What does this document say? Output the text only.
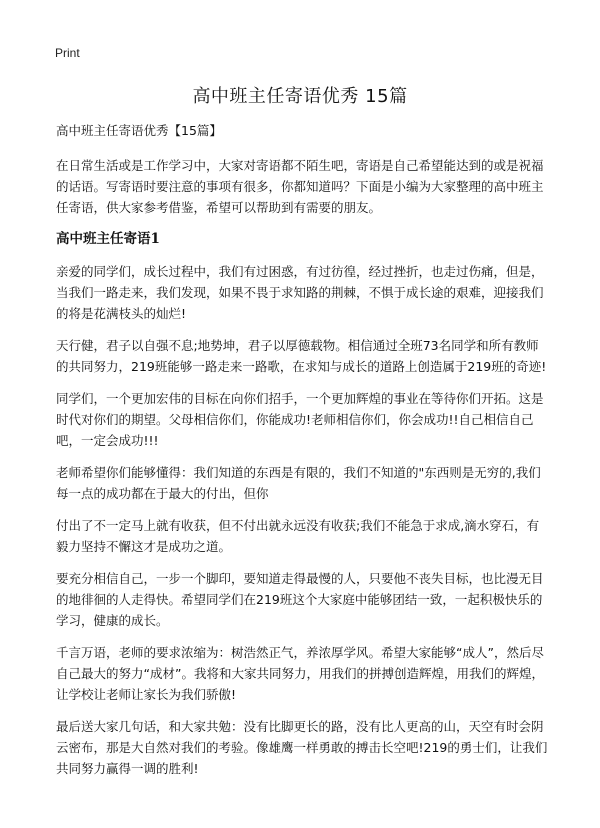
Print
高中班主任寄语优秀 15篇

高中班主任寄语优秀【15篇】

在日常生活或是工作学习中，大家对寄语都不陌生吧，寄语是自己希望能达到的或是祝福的话语。写寄语时要注意的事项有很多，你都知道吗？下面是小编为大家整理的高中班主任寄语，供大家参考借鉴，希望可以帮助到有需要的朋友。

高中班主任寄语1

亲爱的同学们，成长过程中，我们有过困惑，有过彷徨，经过挫折，也走过伤痛，但是，当我们一路走来，我们发现，如果不畏于求知路的荆棘，不惧于成长途的艰难，迎接我们的将是花满枝头的灿烂!

天行健，君子以自强不息;地势坤，君子以厚德载物。相信通过全班73名同学和所有教师的共同努力，219班能够一路走来一路歌，在求知与成长的道路上创造属于219班的奇迹!

同学们，一个更加宏伟的目标在向你们招手，一个更加辉煌的事业在等待你们开拓。这是时代对你们的期望。父母相信你们，你能成功!老师相信你们，你会成功!!自己相信自己吧，一定会成功!!!

老师希望你们能够懂得：我们知道的东西是有限的，我们不知道的"东西则是无穷的,我们每一点的成功都在于最大的付出，但你

付出了不一定马上就有收获，但不付出就永远没有收获;我们不能急于求成,滴水穿石，有毅力坚持不懈这才是成功之道。

要充分相信自己，一步一个脚印，要知道走得最慢的人，只要他不丧失目标，也比漫无目的地徘徊的人走得快。希望同学们在219班这个大家庭中能够团结一致，一起积极快乐的学习，健康的成长。

千言万语，老师的要求浓缩为：树浩然正气，养浓厚学风。希望大家能够“成人”，然后尽自己最大的努力“成材”。我将和大家共同努力，用我们的拼搏创造辉煌，用我们的辉煌，让学校让老师让家长为我们骄傲!

最后送大家几句话，和大家共勉：没有比脚更长的路，没有比人更高的山，天空有时会阴云密布，那是大自然对我们的考验。像雄鹰一样勇敢的搏击长空吧!219的勇士们，让我们共同努力赢得一调的胜利!
